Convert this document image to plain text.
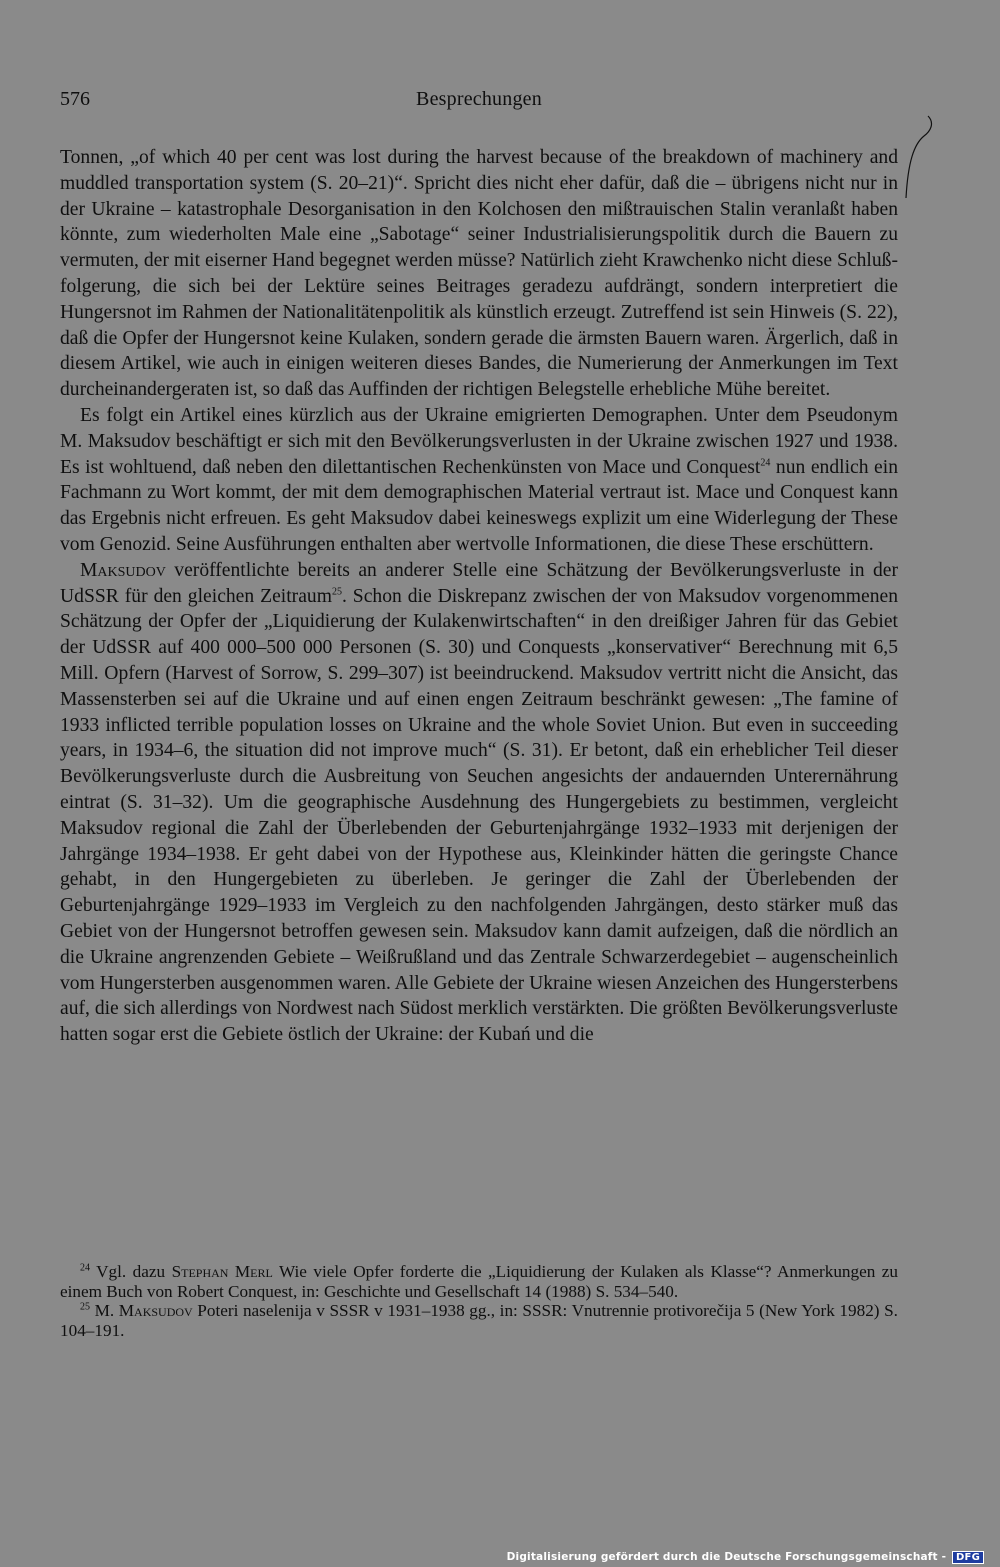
576	Besprechungen

Tonnen, „of which 40 per cent was lost during the harvest because of the breakdown of machinery and muddled transportation system (S. 20–21)“. Spricht dies nicht eher dafür, daß die – übrigens nicht nur in der Ukraine – katastrophale Desorganisation in den Kolchosen den mißtrauischen Stalin veranlaßt haben könnte, zum wiederholten Male eine „Sabotage“ seiner Industrialisierungspolitik durch die Bauern zu vermuten, der mit eiserner Hand begegnet werden müsse? Natürlich zieht Krawchenko nicht diese Schlußfolgerung, die sich bei der Lektüre seines Beitrages geradezu aufdrängt, sondern interpretiert die Hungersnot im Rahmen der Nationalitätenpolitik als künstlich erzeugt. Zutreffend ist sein Hinweis (S. 22), daß die Opfer der Hungersnot keine Kulaken, sondern gerade die ärmsten Bauern waren. Ärgerlich, daß in diesem Artikel, wie auch in einigen weiteren dieses Bandes, die Numerierung der Anmerkungen im Text durcheinandergeraten ist, so daß das Auffinden der richtigen Belegstelle erhebliche Mühe bereitet.

Es folgt ein Artikel eines kürzlich aus der Ukraine emigrierten Demographen. Unter dem Pseudonym M. Maksudov beschäftigt er sich mit den Bevölkerungsverlusten in der Ukraine zwischen 1927 und 1938. Es ist wohltuend, daß neben den dilettantischen Rechenkünsten von Mace und Conquest$^{24}$ nun endlich ein Fachmann zu Wort kommt, der mit dem demographischen Material vertraut ist. Mace und Conquest kann das Ergebnis nicht erfreuen. Es geht Maksudov dabei keineswegs explizit um eine Widerlegung der These vom Genozid. Seine Ausführungen enthalten aber wertvolle Informationen, die diese These erschüttern.

Maksudov veröffentlichte bereits an anderer Stelle eine Schätzung der Bevölkerungsverluste in der UdSSR für den gleichen Zeitraum$^{25}$. Schon die Diskrepanz zwischen der von Maksudov vorgenommenen Schätzung der Opfer der „Liquidierung der Kulakenwirtschaften“ in den dreißiger Jahren für das Gebiet der UdSSR auf 400 000–500 000 Personen (S. 30) und Conquests „konservativer“ Berechnung mit 6,5 Mill. Opfern (Harvest of Sorrow, S. 299–307) ist beeindruckend. Maksudov vertritt nicht die Ansicht, das Massensterben sei auf die Ukraine und auf einen engen Zeitraum beschränkt gewesen: „The famine of 1933 inflicted terrible population losses on Ukraine and the whole Soviet Union. But even in succeeding years, in 1934–6, the situation did not improve much“ (S. 31). Er betont, daß ein erheblicher Teil dieser Bevölkerungsverluste durch die Ausbreitung von Seuchen angesichts der andauernden Unterernährung eintrat (S. 31–32). Um die geographische Ausdehnung des Hungergebiets zu bestimmen, vergleicht Maksudov regional die Zahl der Überlebenden der Geburtenjahrgänge 1932–1933 mit derjenigen der Jahrgänge 1934–1938. Er geht dabei von der Hypothese aus, Kleinkinder hätten die geringste Chance gehabt, in den Hungergebieten zu überleben. Je geringer die Zahl der Überlebenden der Geburtenjahrgänge 1929–1933 im Vergleich zu den nachfolgenden Jahrgängen, desto stärker muß das Gebiet von der Hungersnot betroffen gewesen sein. Maksudov kann damit aufzeigen, daß die nördlich an die Ukraine angrenzenden Gebiete – Weißrußland und das Zentrale Schwarzerdegebiet – augenscheinlich vom Hungersterben ausgenommen waren. Alle Gebiete der Ukraine wiesen Anzeichen des Hungersterbens auf, die sich allerdings von Nordwest nach Südost merklich verstärkten. Die größten Bevölkerungsverluste hatten sogar erst die Gebiete östlich der Ukraine: der Kubań und die

$^{24}$ Vgl. dazu Stephan Merl Wie viele Opfer forderte die „Liquidierung der Kulaken als Klasse“? Anmerkungen zu einem Buch von Robert Conquest, in: Geschichte und Gesellschaft 14 (1988) S. 534–540.

$^{25}$ M. Maksudov Poteri naselenija v SSSR v 1931–1938 gg., in: SSSR: Vnutrennie protivorečija 5 (New York 1982) S. 104–191.

Digitalisierung gefördert durch die Deutsche Forschungsgemeinschaft - DFG
